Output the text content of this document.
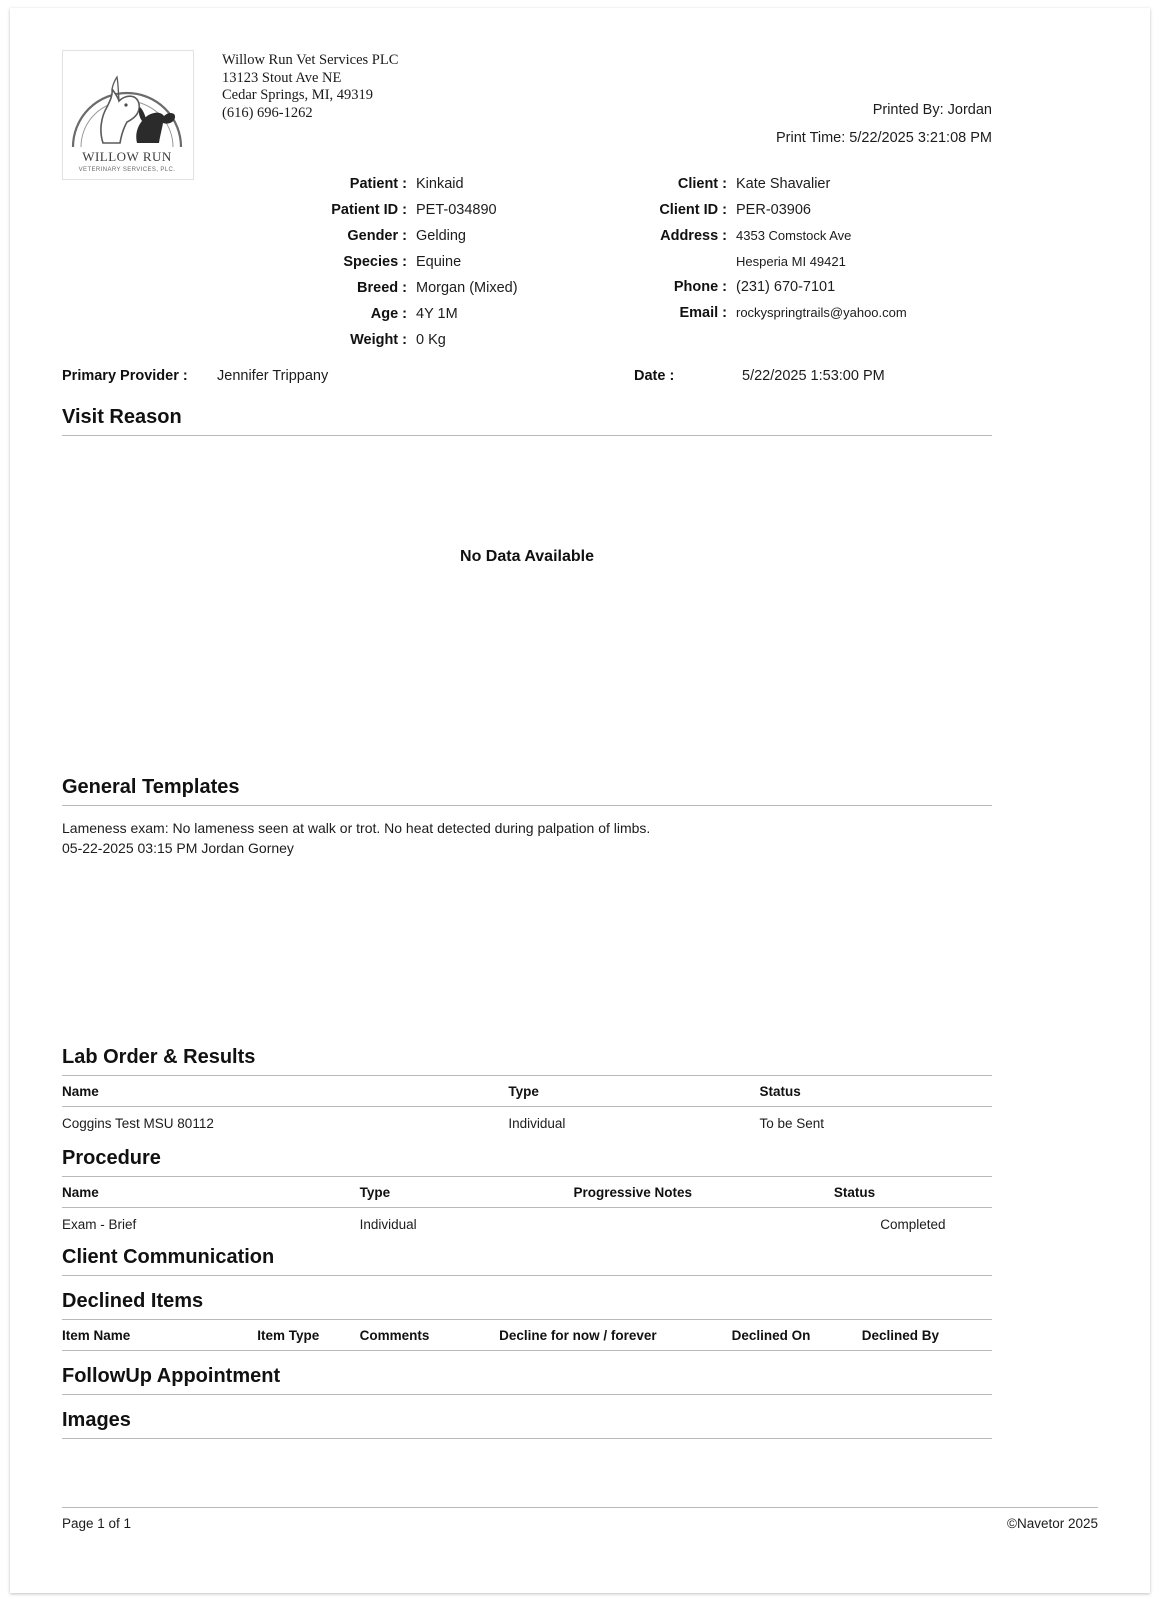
WILLOW RUN
VETERINARY SERVICES, PLC.
Willow Run Vet Services PLC
13123 Stout Ave NE
Cedar Springs, MI, 49319
(616) 696-1262	Printed By: Jordan
Print Time: 5/22/2025 3:21:08 PM
Patient : Kinkaid
Patient ID : PET-034890
Gender : Gelding
Species : Equine
Breed : Morgan (Mixed)
Age : 4Y 1M
Weight : 0 Kg
Client : Kate Shavalier
Client ID : PER-03906
Address : 4353 Comstock Ave
Hesperia MI 49421
Phone : (231) 670-7101
Email : rockyspringtrails@yahoo.com
Primary Provider : Jennifer Trippany	Date :	5/22/2025 1:53:00 PM
Visit Reason
No Data Available
General Templates
Lameness exam: No lameness seen at walk or trot. No heat detected during palpation of limbs.
05-22-2025 03:15 PM Jordan Gorney
Lab Order & Results
Name	Type	Status
Coggins Test MSU 80112	Individual	To be Sent
Procedure
Name	Type	Progressive Notes	Status
Exam - Brief	Individual		Completed
Client Communication
Declined Items
Item Name	Item Type	Comments	Decline for now / forever	Declined On	Declined By
FollowUp Appointment
Images
Page 1 of 1	©Navetor 2025
